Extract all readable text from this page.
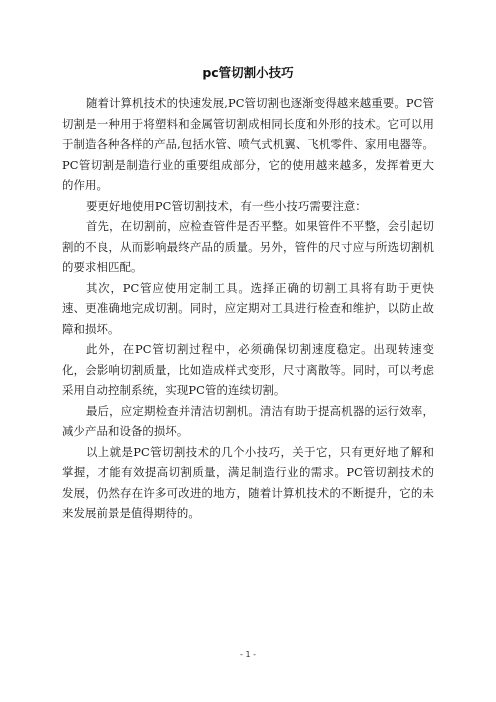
pc管切割小技巧

随着计算机技术的快速发展,PC管切割也逐渐变得越来越重要。PC管切割是一种用于将塑料和金属管切割成相同长度和外形的技术。它可以用于制造各种各样的产品,包括水管、喷气式机翼、飞机零件、家用电器等。PC管切割是制造行业的重要组成部分，它的使用越来越多，发挥着更大的作用。

要更好地使用PC管切割技术，有一些小技巧需要注意：

首先，在切割前，应检查管件是否平整。如果管件不平整，会引起切割的不良，从而影响最终产品的质量。另外，管件的尺寸应与所选切割机的要求相匹配。

其次，PC管应使用定制工具。选择正确的切割工具将有助于更快速、更准确地完成切割。同时，应定期对工具进行检查和维护，以防止故障和损坏。

此外，在PC管切割过程中，必须确保切割速度稳定。出现转速变化，会影响切割质量，比如造成样式变形，尺寸离散等。同时，可以考虑采用自动控制系统，实现PC管的连续切割。

最后，应定期检查并清洁切割机。清洁有助于提高机器的运行效率，减少产品和设备的损坏。

以上就是PC管切割技术的几个小技巧，关于它，只有更好地了解和掌握，才能有效提高切割质量，满足制造行业的需求。PC管切割技术的发展，仍然存在许多可改进的地方，随着计算机技术的不断提升，它的未来发展前景是值得期待的。

- 1 -
